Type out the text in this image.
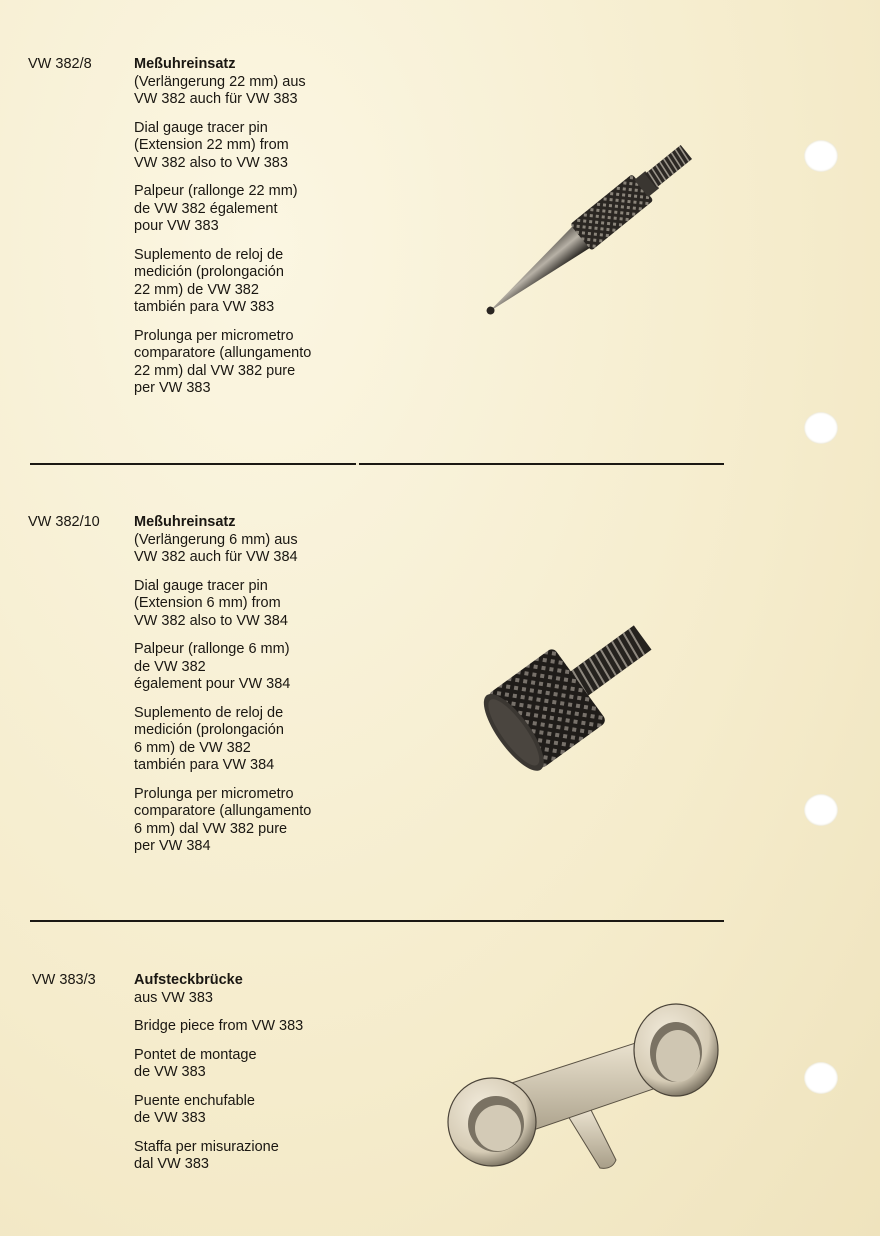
VW 382/8	Meßuhreinsatz
(Verlängerung 22 mm) aus
VW 382 auch für VW 383

Dial gauge tracer pin
(Extension 22 mm) from
VW 382 also to VW 383

Palpeur (rallonge 22 mm)
de VW 382 également
pour VW 383

Suplemento de reloj de
medición (prolongación
22 mm) de VW 382
también para VW 383

Prolunga per micrometro
comparatore (allungamento
22 mm) dal VW 382 pure
per VW 383

VW 382/10 Meßuhreinsatz
(Verlängerung 6 mm) aus
VW 382 auch für VW 384

Dial gauge tracer pin
(Extension 6 mm) from
VW 382 also to VW 384

Palpeur (rallonge 6 mm)
de VW 382
également pour VW 384

Suplemento de reloj de
medición (prolongación
6 mm) de VW 382
también para VW 384

Prolunga per micrometro
comparatore (allungamento
6 mm) dal VW 382 pure
per VW 384

VW 383/3	Aufsteckbrücke
aus VW 383

Bridge piece from VW 383

Pontet de montage
de VW 383

Puente enchufable
de VW 383

Staffa per misurazione
dal VW 383
